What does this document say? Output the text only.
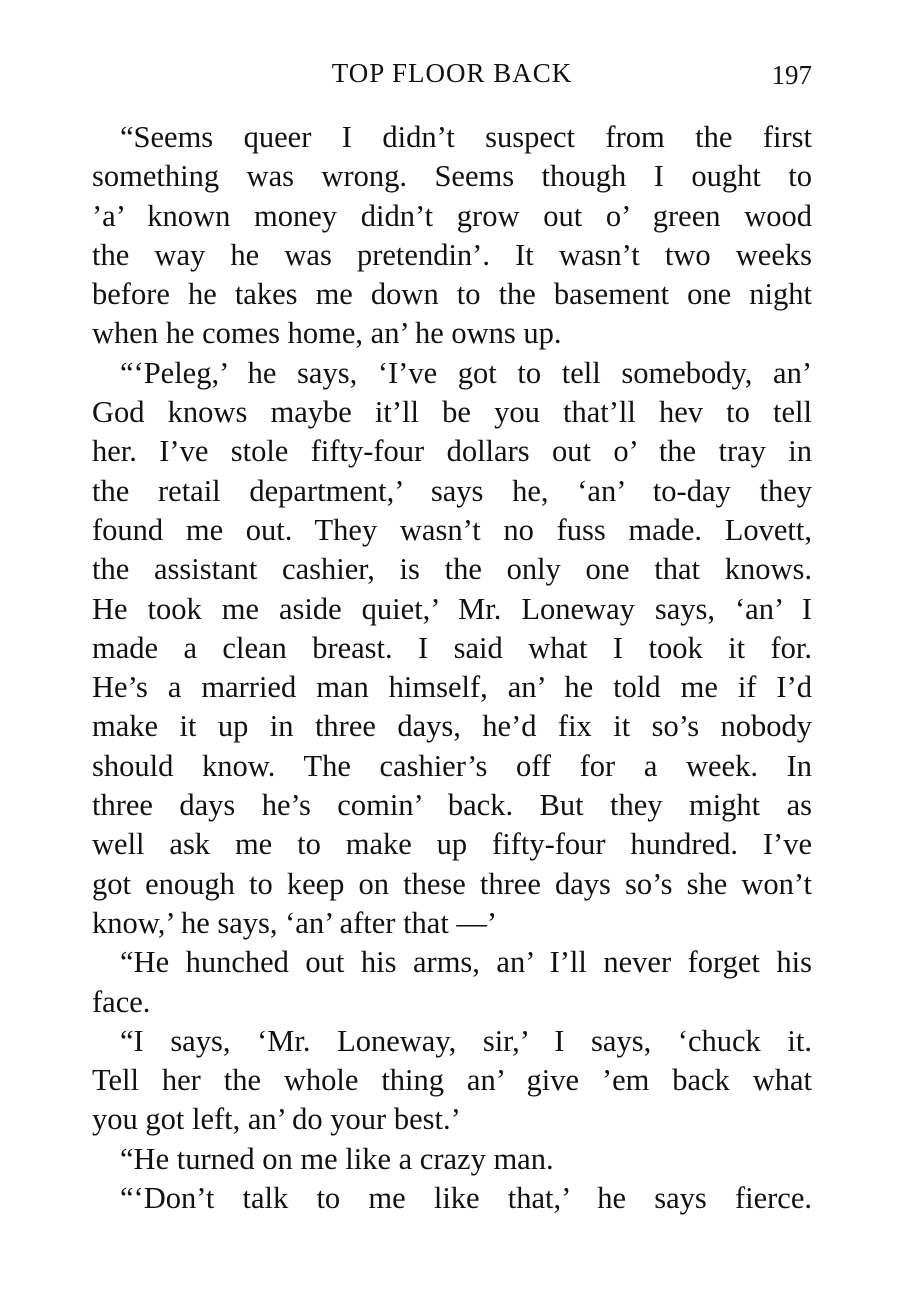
TOP FLOOR BACK	197
“Seems queer I didn’t suspect from the first
something was wrong. Seems though I ought to
’a’ known money didn’t grow out o’ green wood
the way he was pretendin’. It wasn’t two weeks
before he takes me down to the basement one night
when he comes home, an’ he owns up.
“‘Peleg,’ he says, ‘I’ve got to tell somebody, an’
God knows maybe it’ll be you that’ll hev to tell
her. I’ve stole fifty-four dollars out o’ the tray in
the retail department,’ says he, ‘an’ to-day they
found me out. They wasn’t no fuss made. Lovett,
the assistant cashier, is the only one that knows.
He took me aside quiet,’ Mr. Loneway says, ‘an’ I
made a clean breast. I said what I took it for.
He’s a married man himself, an’ he told me if I’d
make it up in three days, he’d fix it so’s nobody
should know. The cashier’s off for a week. In
three days he’s comin’ back. But they might as
well ask me to make up fifty-four hundred. I’ve
got enough to keep on these three days so’s she won’t
know,’ he says, ‘an’ after that —’
“He hunched out his arms, an’ I’ll never forget his
face.
“I says, ‘Mr. Loneway, sir,’ I says, ‘chuck it.
Tell her the whole thing an’ give ’em back what
you got left, an’ do your best.’
“He turned on me like a crazy man.
“‘Don’t talk to me like that,’ he says fierce.
